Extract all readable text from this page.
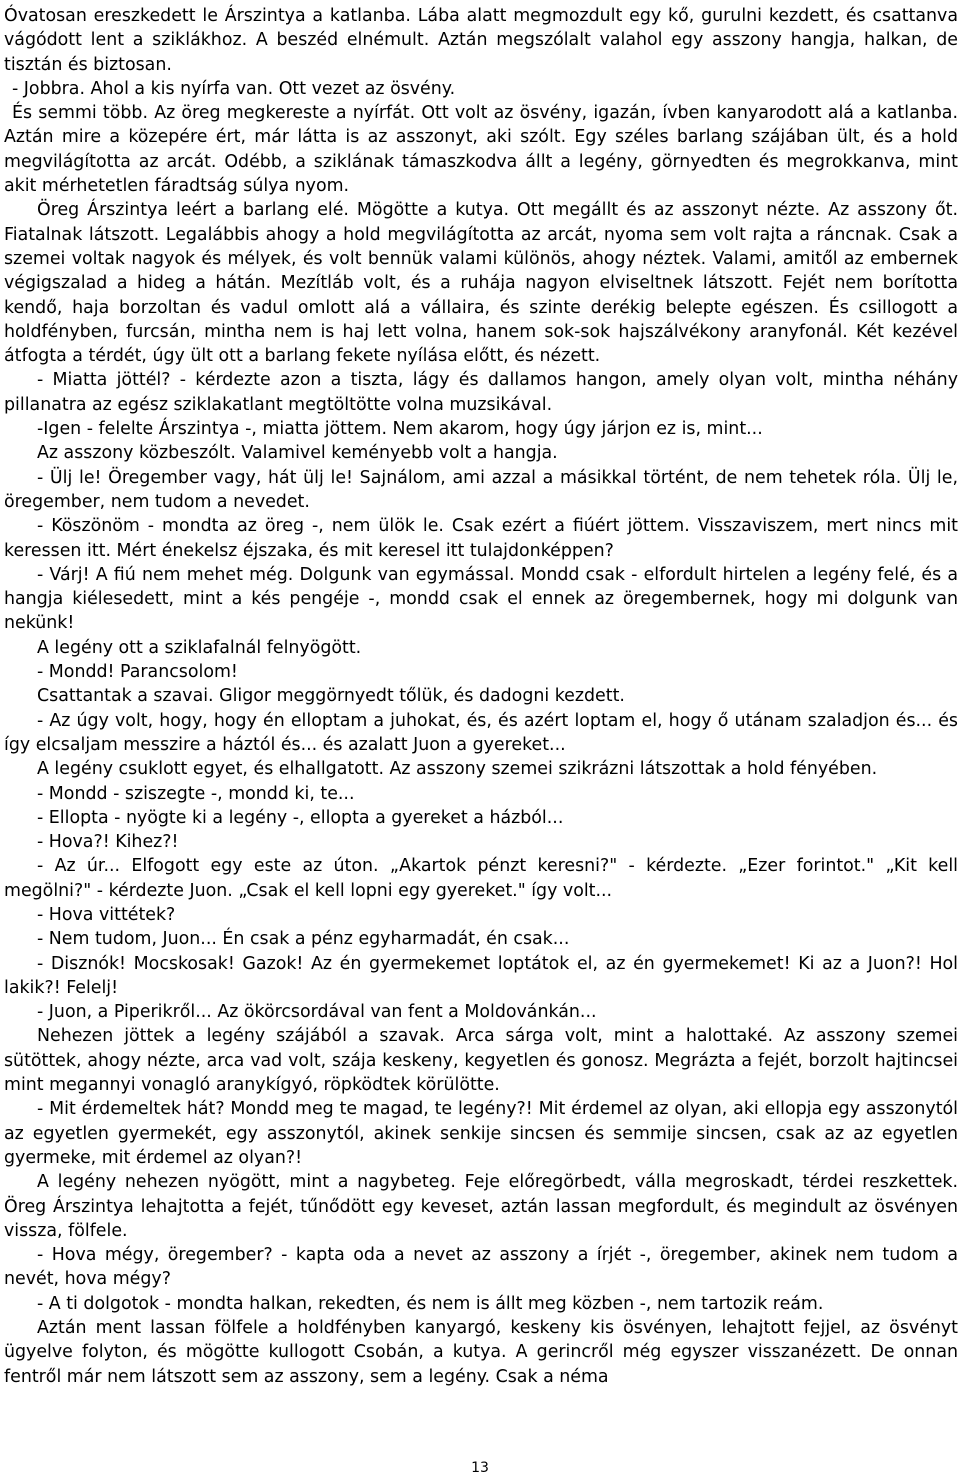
Óvatosan ereszkedett le Árszintya a katlanba. Lába alatt megmozdult egy kő, gurulni kezdett, és csattanva vágódott lent a sziklákhoz. A beszéd elnémult. Aztán megszólalt valahol egy asszony hangja, halkan, de tisztán és biztosan.

- Jobbra. Ahol a kis nyírfa van. Ott vezet az ösvény.

És semmi több. Az öreg megkereste a nyírfát. Ott volt az ösvény, igazán, ívben kanyarodott alá a katlanba. Aztán mire a közepére ért, már látta is az asszonyt, aki szólt. Egy széles barlang szájában ült, és a hold megvilágította az arcát. Odébb, a sziklának támaszkodva állt a legény, görnyedten és megrokkanva, mint akit mérhetetlen fáradtság súlya nyom.

Öreg Árszintya leért a barlang elé. Mögötte a kutya. Ott megállt és az asszonyt nézte. Az asszony őt. Fiatalnak látszott. Legalábbis ahogy a hold megvilágította az arcát, nyoma sem volt rajta a ráncnak. Csak a szemei voltak nagyok és mélyek, és volt bennük valami különös, ahogy néztek. Valami, amitől az embernek végigszalad a hideg a hátán. Mezítláb volt, és a ruhája nagyon elviseltnek látszott. Fejét nem borította kendő, haja borzoltan és vadul omlott alá a vállaira, és szinte derékig belepte egészen. És csillogott a holdfényben, furcsán, mintha nem is haj lett volna, hanem sok-sok hajszálvékony aranyfonál. Két kezével átfogta a térdét, úgy ült ott a barlang fekete nyílása előtt, és nézett.

- Miatta jöttél? - kérdezte azon a tiszta, lágy és dallamos hangon, amely olyan volt, mintha néhány pillanatra az egész sziklakatlant megtöltötte volna muzsikával.

-Igen - felelte Árszintya -, miatta jöttem. Nem akarom, hogy úgy járjon ez is, mint...

Az asszony közbeszólt. Valamivel keményebb volt a hangja.

- Ülj le! Öregember vagy, hát ülj le! Sajnálom, ami azzal a másikkal történt, de nem tehetek róla. Ülj le, öregember, nem tudom a nevedet.

- Köszönöm - mondta az öreg -, nem ülök le. Csak ezért a fiúért jöttem. Visszaviszem, mert nincs mit keressen itt. Mért énekelsz éjszaka, és mit keresel itt tulajdonképpen?

- Várj! A fiú nem mehet még. Dolgunk van egymással. Mondd csak - elfordult hirtelen a legény felé, és a hangja kiélesedett, mint a kés pengéje -, mondd csak el ennek az öregembernek, hogy mi dolgunk van nekünk!

A legény ott a sziklafalnál felnyögött.

- Mondd! Parancsolom!

Csattantak a szavai. Gligor meggörnyedt tőlük, és dadogni kezdett.

- Az úgy volt, hogy, hogy én elloptam a juhokat, és, és azért loptam el, hogy ő utánam szaladjon és... és így elcsaljam messzire a háztól és... és azalatt Juon a gyereket...

A legény csuklott egyet, és elhallgatott. Az asszony szemei szikrázni látszottak a hold fényében.

- Mondd - sziszegte -, mondd ki, te...

- Ellopta - nyögte ki a legény -, ellopta a gyereket a házból...

- Hova?! Kihez?!

- Az úr... Elfogott egy este az úton. „Akartok pénzt keresni?" - kérdezte. „Ezer forintot." „Kit kell megölni?" - kérdezte Juon. „Csak el kell lopni egy gyereket." így volt...

- Hova vittétek?

- Nem tudom, Juon... Én csak a pénz egyharmadát, én csak...

- Disznók! Mocskosak! Gazok! Az én gyermekemet loptátok el, az én gyermekemet! Ki az a Juon?! Hol lakik?! Felelj!

- Juon, a Piperikről... Az ökörcsordával van fent a Moldovánkán...

Nehezen jöttek a legény szájából a szavak. Arca sárga volt, mint a halottaké. Az asszony szemei sütöttek, ahogy nézte, arca vad volt, szája keskeny, kegyetlen és gonosz. Megrázta a fejét, borzolt hajtincsei mint megannyi vonagló aranykígyó, röpködtek körülötte.

- Mit érdemeltek hát? Mondd meg te magad, te legény?! Mit érdemel az olyan, aki ellopja egy asszonytól az egyetlen gyermekét, egy asszonytól, akinek senkije sincsen és semmije sincsen, csak az az egyetlen gyermeke, mit érdemel az olyan?!

A legény nehezen nyögött, mint a nagybeteg. Feje előregörbedt, válla megroskadt, térdei reszkettek. Öreg Árszintya lehajtotta a fejét, tűnődött egy keveset, aztán lassan megfordult, és megindult az ösvényen vissza, fölfele.

- Hova mégy, öregember? - kapta oda a nevet az asszony a írjét -, öregember, akinek nem tudom a nevét, hova mégy?

- A ti dolgotok - mondta halkan, rekedten, és nem is állt meg közben -, nem tartozik reám.

Aztán ment lassan fölfele a holdfényben kanyargó, keskeny kis ösvényen, lehajtott fejjel, az ösvényt ügyelve folyton, és mögötte kullogott Csobán, a kutya. A gerincről még egyszer visszanézett. De onnan fentről már nem látszott sem az asszony, sem a legény. Csak a néma

13
